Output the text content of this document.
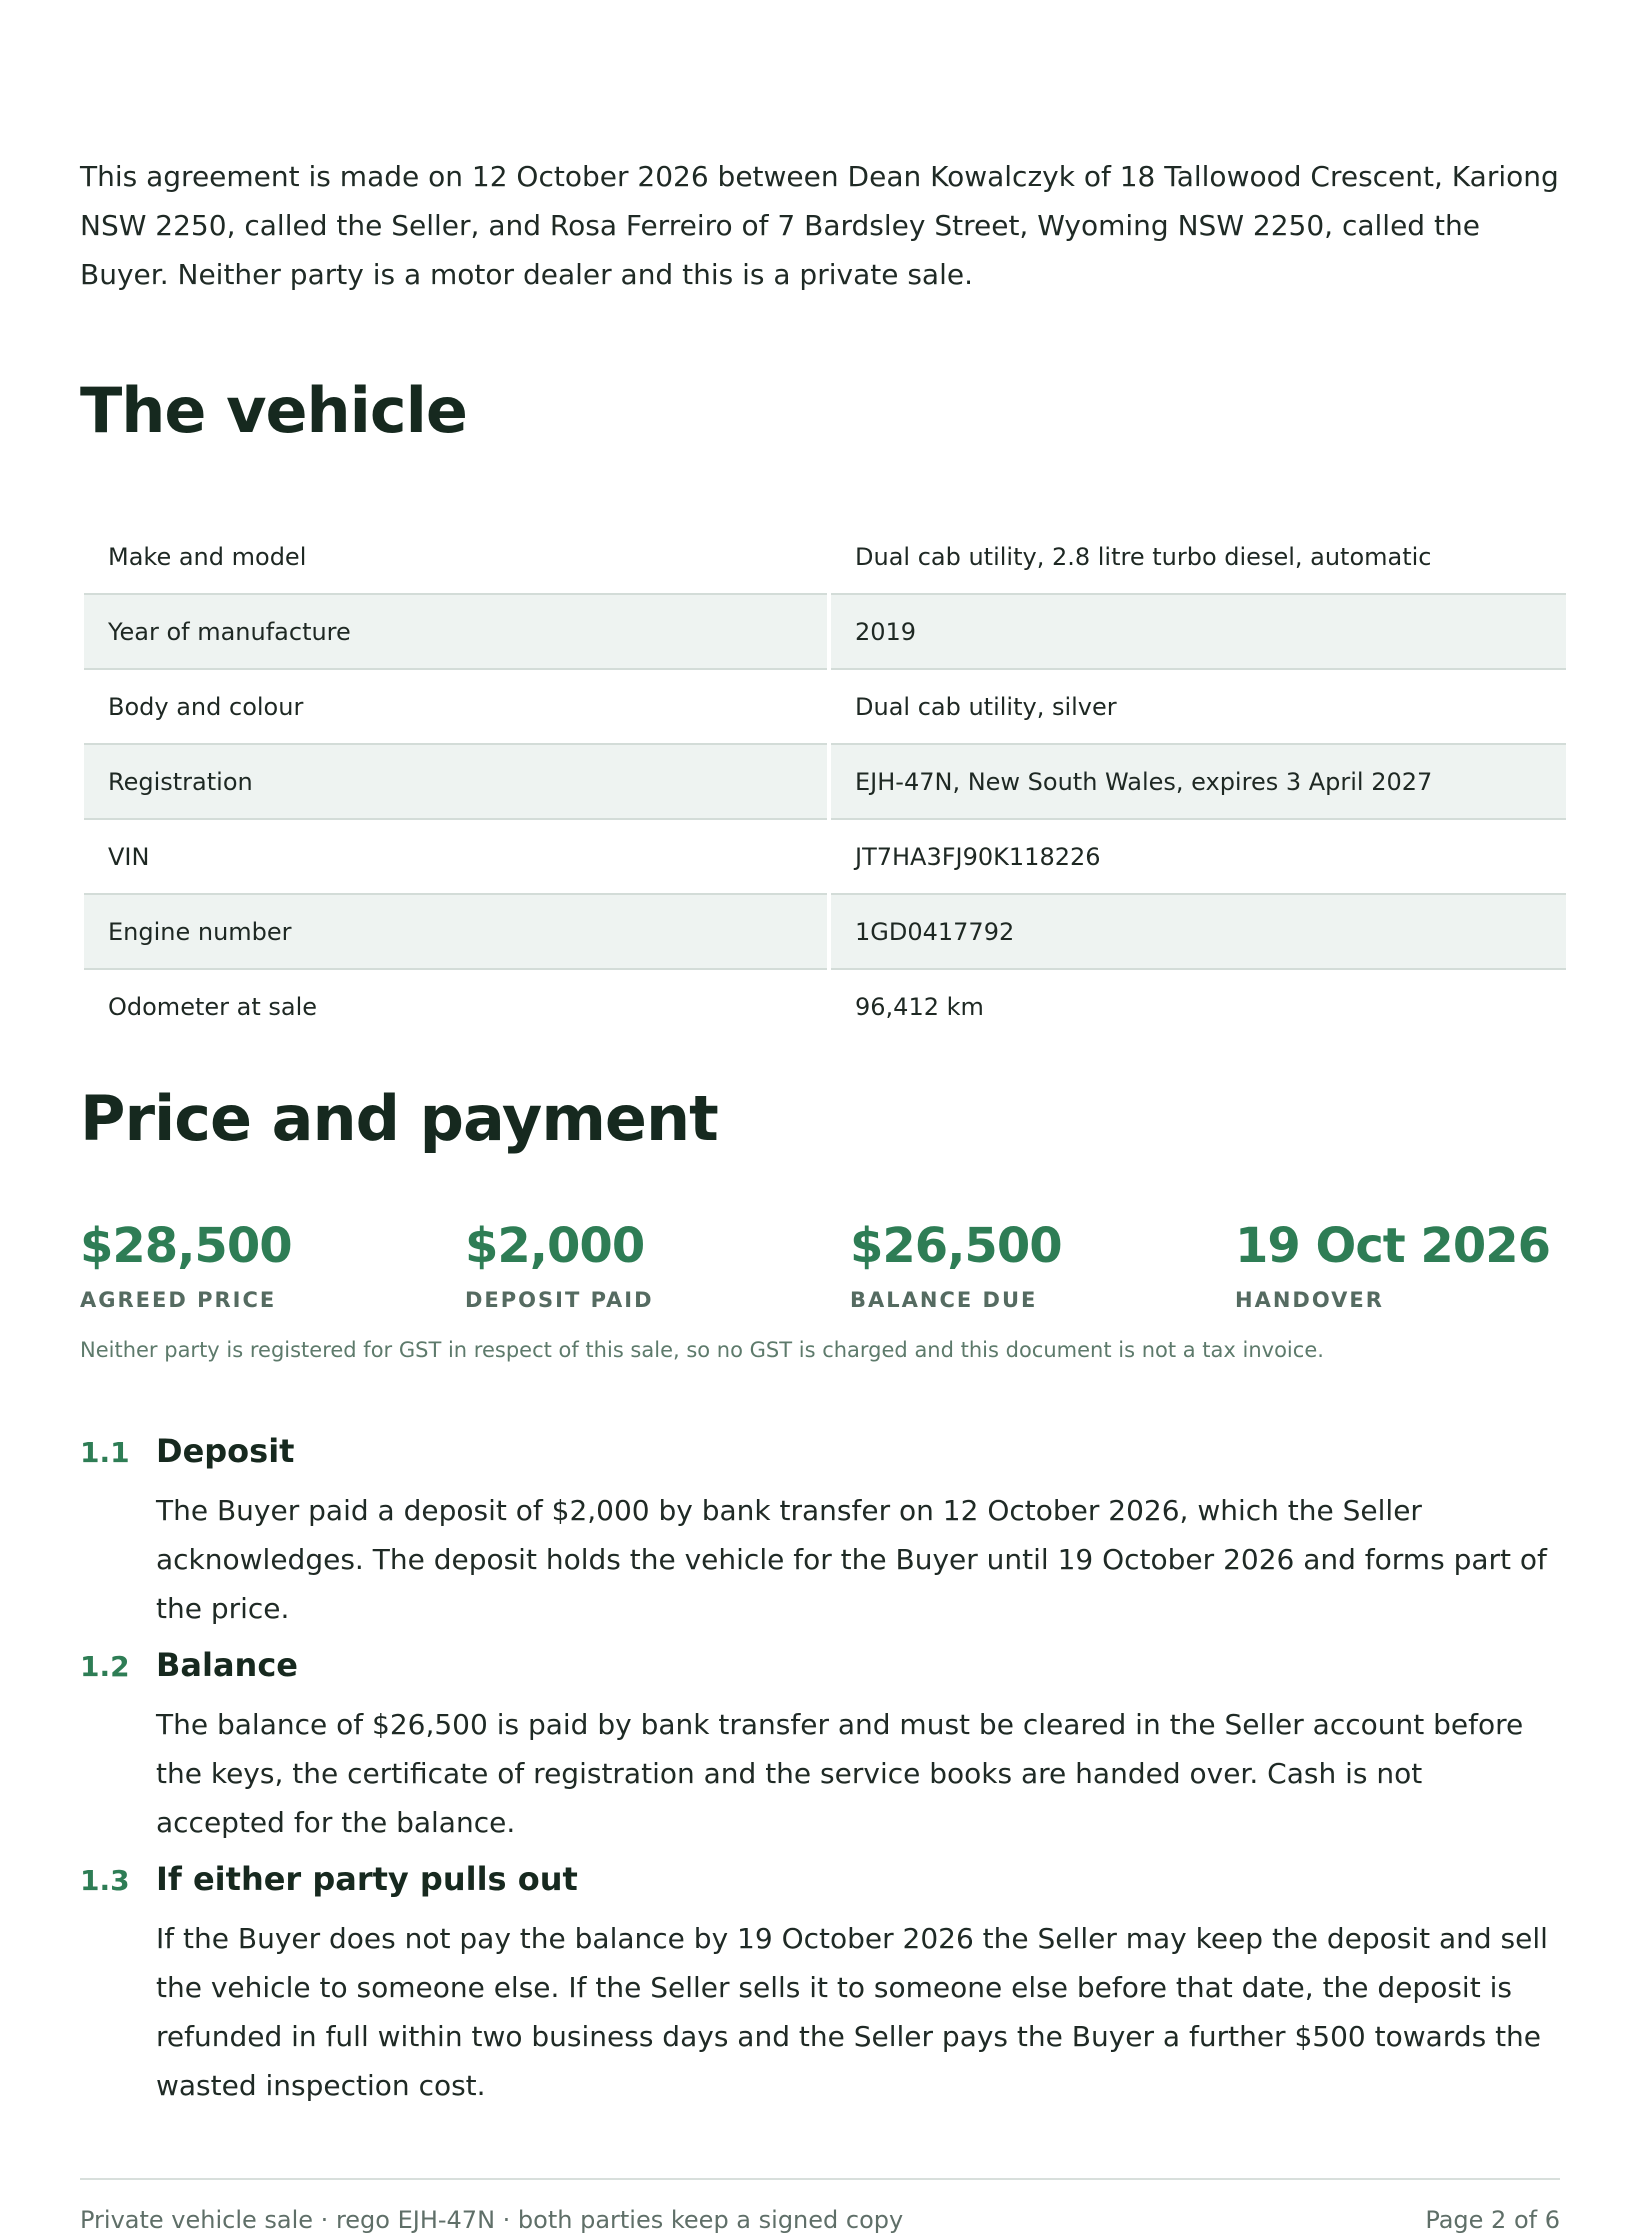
This agreement is made on 12 October 2026 between Dean Kowalczyk of 18 Tallowood Crescent, Kariong NSW 2250, called the Seller, and Rosa Ferreiro of 7 Bardsley Street, Wyoming NSW 2250, called the Buyer. Neither party is a motor dealer and this is a private sale.

The vehicle
Make and model	Dual cab utility, 2.8 litre turbo diesel, automatic
Year of manufacture	2019
Body and colour	Dual cab utility, silver
Registration	EJH-47N, New South Wales, expires 3 April 2027
VIN	JT7HA3FJ90K118226
Engine number	1GD0417792
Odometer at sale	96,412 km
Price and payment
$28,500
AGREED PRICE
$2,000
DEPOSIT PAID
$26,500
BALANCE DUE
19 Oct 2026
HANDOVER
Neither party is registered for GST in respect of this sale, so no GST is charged and this document is not a tax invoice.
1.1 Deposit
The Buyer paid a deposit of $2,000 by bank transfer on 12 October 2026, which the Seller acknowledges. The deposit holds the vehicle for the Buyer until 19 October 2026 and forms part of the price.
1.2 Balance
The balance of $26,500 is paid by bank transfer and must be cleared in the Seller account before the keys, the certificate of registration and the service books are handed over. Cash is not accepted for the balance.
1.3 If either party pulls out
If the Buyer does not pay the balance by 19 October 2026 the Seller may keep the deposit and sell the vehicle to someone else. If the Seller sells it to someone else before that date, the deposit is refunded in full within two business days and the Seller pays the Buyer a further $500 towards the wasted inspection cost.
Private vehicle sale · rego EJH-47N · both parties keep a signed copy	Page 2 of 6
